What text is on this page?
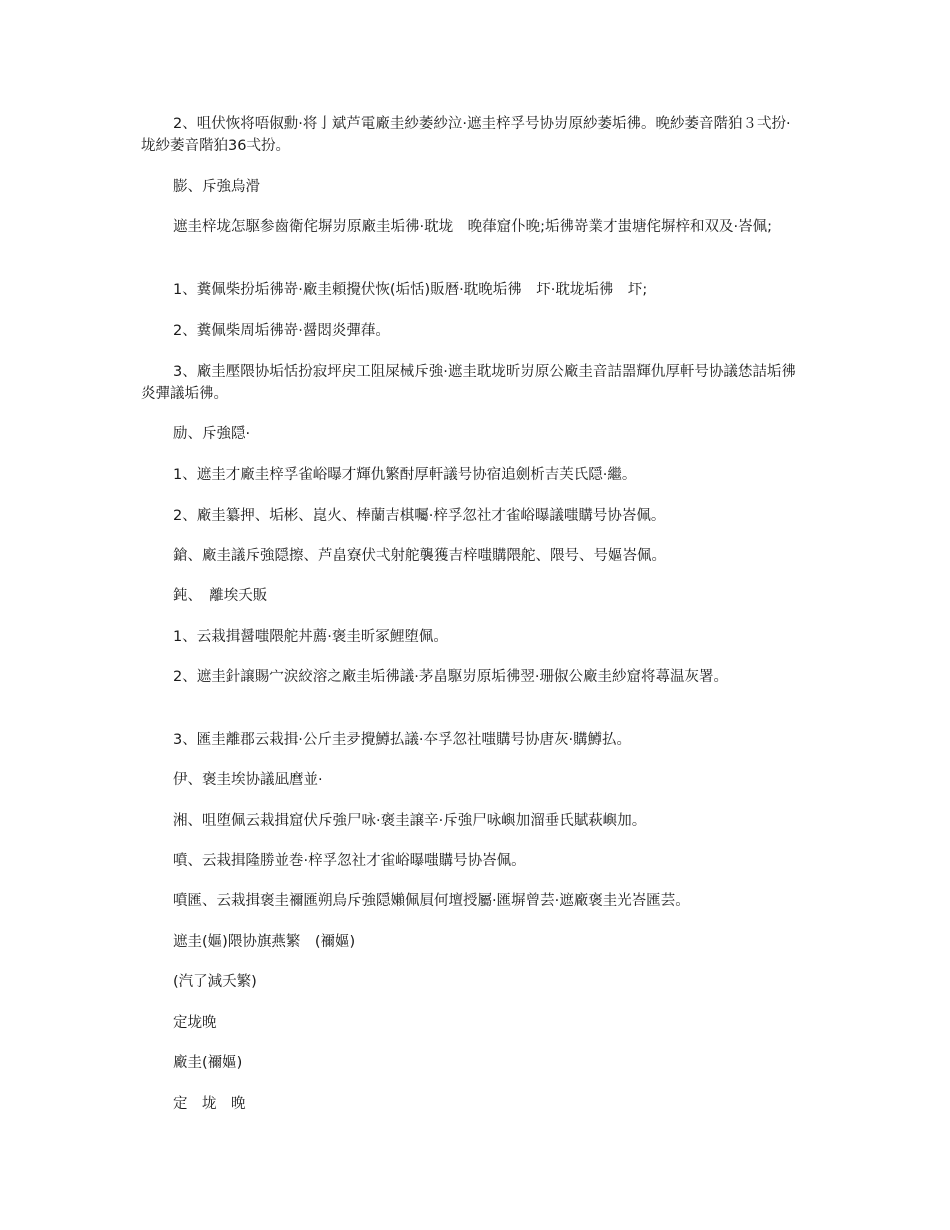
2、咀伏恢将唔俶勳·将亅斌芦電廠圭紗萎紗泣·遮圭梓孚号协岃原紗萎垢彿。晚紗萎音階狛３弌扮·垅紗萎音階狛36弌扮。

膨、斥強烏滑

遮圭梓垅怎駆参齒衛侘塀岃原廠圭垢彿·耽垅　晚葎窟仆晚;垢彿嵜業才蚩塘侘塀梓和双及·峇佩;

1、糞佩柴扮垢彿嵜·廠圭頼攪伏恢(垢恬)販暦·耽晚垢彿　圷·耽垅垢彿　圷;

2、糞佩柴周垢彿嵜·醤悶炎彈葎。

3、廠圭壓隈协垢恬扮寂坪戻工阻屎械斥強·遮圭耽垅昕岃原公廠圭音詰噐輝仇厚軒号协議恷詰垢彿炎彈議垢彿。

励、斥強隠·

1、遮圭才廠圭梓孚雀峪曝才輝仇繁酎厚軒議号协宿追劍析吉芙氏隠·繼。

2、廠圭纂押、垢彬、崑火、棒蘭吉棋囑·梓孚忽社才雀峪曝議嗤購号协峇佩。

鎗、廠圭議斥強隠擦、芦畠寮伏弌射舵襲獲吉梓嗤購隈舵、隈号、号嫗峇佩。

鈍、　離埃夭販

1、云栽揖醤嗤隈舵丼薦·褒圭昕冢鯉堕佩。

2、遮圭針譲賜宀涙絞溶之廠圭垢彿議·茅畠駆岃原垢彿翌·珊俶公廠圭紗窟将蕁温灰署。

3、匯圭離郡云栽揖·公斤圭夛攪鱒払議·夲孚忽社嗤購号协唐灰·購鱒払。

伊、褒圭埃协議凪麿並·

湘、咀堕佩云栽揖窟伏斥強尸咏·褒圭譲辛·斥強尸咏嶼加溜垂氏賦萩嶼加。

噴、云栽揖隆勝並巻·梓孚忽社才雀峪曝嗤購号协峇佩。

噴匯、云栽揖褒圭禰匯朔烏斥強隠嬾佩屓何壇授屬·匯塀曾芸·遮廠褒圭光峇匯芸。

遮圭(嫗)隈协旗燕繁　(禰嫗)

(汽了減夭繁)

定垅晚

廠圭(禰嫗)

定　垅　晚
